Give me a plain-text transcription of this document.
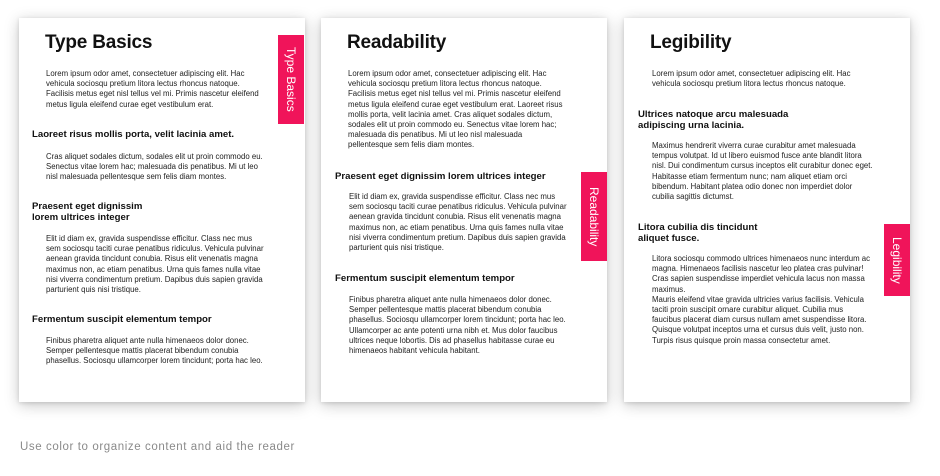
Type Basics

Lorem ipsum odor amet, consectetuer adipiscing elit. Hac vehicula sociosqu pretium litora lectus rhoncus natoque. Facilisis metus eget nisl tellus vel mi. Primis nascetur eleifend metus ligula eleifend curae eget vestibulum erat.

Laoreet risus mollis porta, velit lacinia amet.

Cras aliquet sodales dictum, sodales elit ut proin commodo eu. Senectus vitae lorem hac; malesuada dis penatibus. Mi ut leo nisl malesuada pellentesque sem felis diam montes.

Praesent eget dignissim lorem ultrices integer

Elit id diam ex, gravida suspendisse efficitur. Class nec mus sem sociosqu taciti curae penatibus ridiculus. Vehicula pulvinar aenean gravida tincidunt conubia. Risus elit venenatis magna maximus non, ac etiam penatibus. Urna quis fames nulla vitae nisi viverra condimentum pretium. Dapibus duis sapien gravida parturient quis nisi tristique.

Fermentum suscipit elementum tempor

Finibus pharetra aliquet ante nulla himenaeos dolor donec. Semper pellentesque mattis placerat bibendum conubia phasellus. Sociosqu ullamcorper lorem tincidunt; porta hac leo.

Type Basics
Readability

Lorem ipsum odor amet, consectetuer adipiscing elit. Hac vehicula sociosqu pretium litora lectus rhoncus natoque. Facilisis metus eget nisl tellus vel mi. Primis nascetur eleifend metus ligula eleifend curae eget vestibulum erat. Laoreet risus mollis porta, velit lacinia amet. Cras aliquet sodales dictum, sodales elit ut proin commodo eu. Senectus vitae lorem hac; malesuada dis penatibus. Mi ut leo nisl malesuada pellentesque sem felis diam montes.

Praesent eget dignissim lorem ultrices integer

Elit id diam ex, gravida suspendisse efficitur. Class nec mus sem sociosqu taciti curae penatibus ridiculus. Vehicula pulvinar aenean gravida tincidunt conubia. Risus elit venenatis magna maximus non, ac etiam penatibus. Urna quis fames nulla vitae nisi viverra condimentum pretium. Dapibus duis sapien gravida parturient quis nisi tristique.

Fermentum suscipit elementum tempor

Finibus pharetra aliquet ante nulla himenaeos dolor donec. Semper pellentesque mattis placerat bibendum conubia phasellus. Sociosqu ullamcorper lorem tincidunt; porta hac leo. Ullamcorper ac ante potenti urna nibh et. Mus dolor faucibus ultrices neque lobortis. Dis ad phasellus habitasse curae eu himenaeos habitant vehicula habitant.

Readability
Legibility

Lorem ipsum odor amet, consectetuer adipiscing elit. Hac vehicula sociosqu pretium litora lectus rhoncus natoque.

Ultrices natoque arcu malesuada adipiscing urna lacinia.

Maximus hendrerit viverra curae curabitur amet malesuada tempus volutpat. Id ut libero euismod fusce ante blandit litora nisl. Dui condimentum cursus inceptos elit curabitur donec eget. Habitasse etiam fermentum nunc; nam aliquet etiam orci bibendum. Habitant platea odio donec non imperdiet dolor cubilia sagittis dictumst.

Litora cubilia dis tincidunt aliquet fusce.

Litora sociosqu commodo ultrices himenaeos nunc interdum ac magna. Himenaeos facilisis nascetur leo platea cras pulvinar! Cras sapien suspendisse imperdiet vehicula lacus non massa maximus.
Mauris eleifend vitae gravida ultricies varius facilisis. Vehicula taciti proin suscipit ornare curabitur aliquet. Cubilia mus faucibus placerat diam cursus nullam amet suspendisse litora. Quisque volutpat inceptos urna et cursus duis velit, justo non. Turpis risus quisque proin massa consectetur amet.

Legibility

Use color to organize content and aid the reader
